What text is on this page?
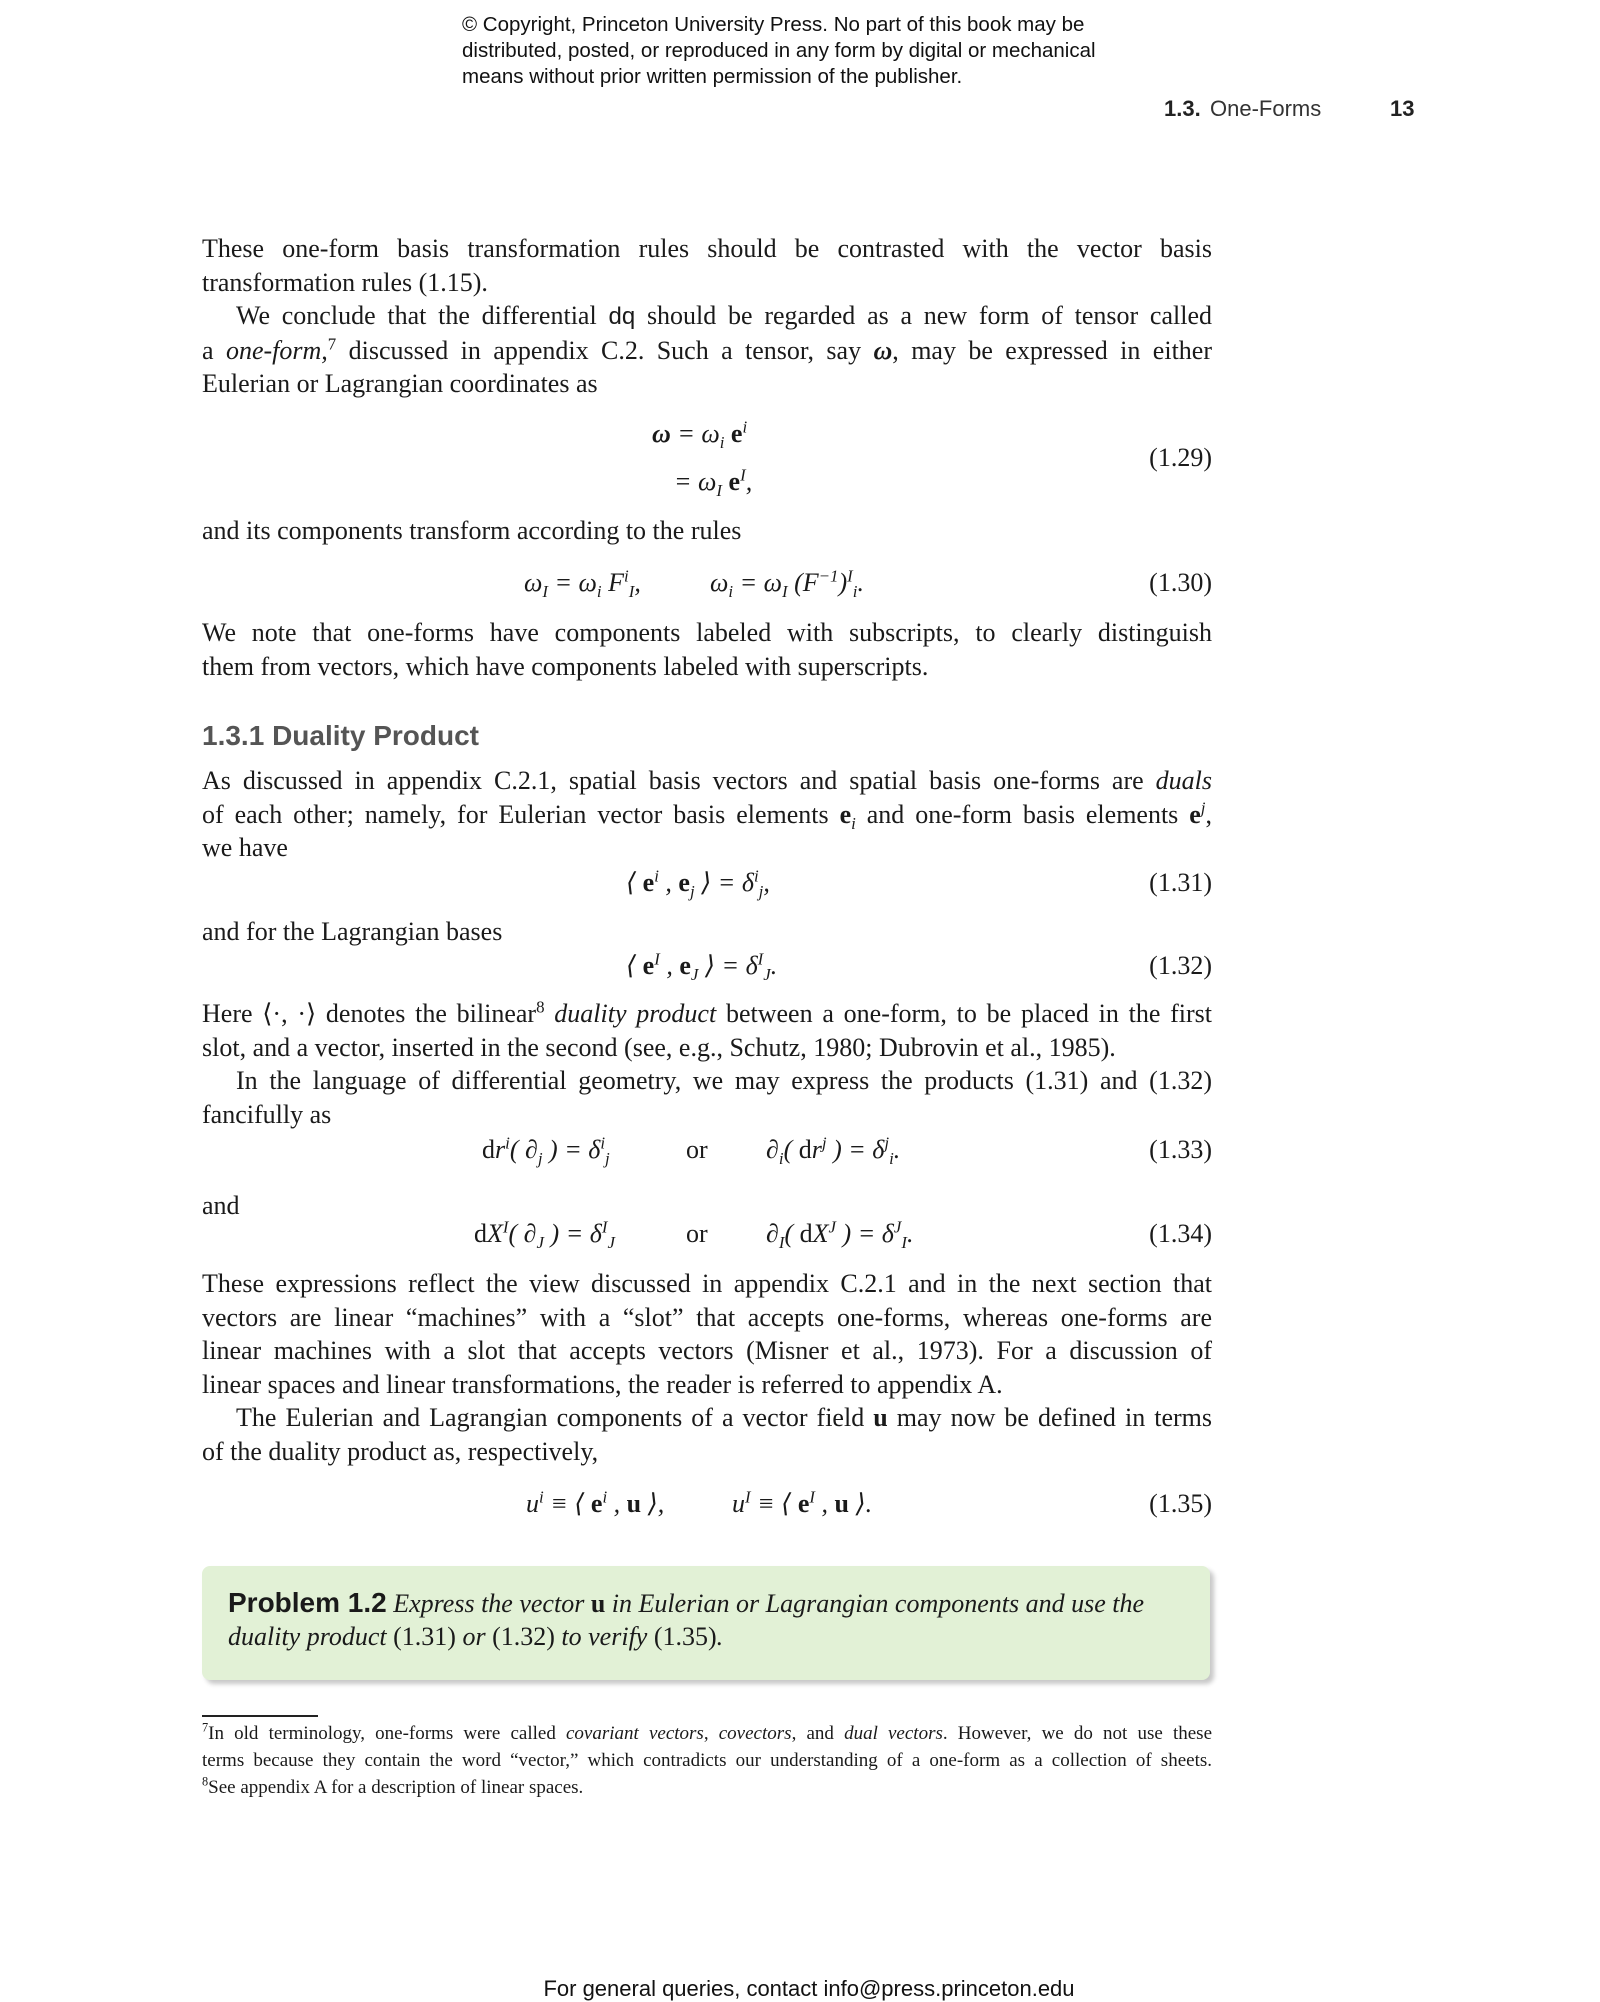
© Copyright, Princeton University Press. No part of this book may be
distributed, posted, or reproduced in any form by digital or mechanical
means without prior written permission of the publisher.
1.3. One-Forms	13

These one-form basis transformation rules should be contrasted with the vector basis
transformation rules (1.15).

We conclude that the differential dq should be regarded as a new form of tensor called
a one-form,$^7$ discussed in appendix C.2. Such a tensor, say ω, may be expressed in either
Eulerian or Lagrangian coordinates as

$\omega = \omega_i$ $e^i$
(1.29)
= $\omega_I$ $e^I$,

and its components transform according to the rules

$\omega_I = \omega_i$ $F^i_I$,	$\omega_i = \omega_I$ $(F^{-1})^I_i$.	(1.30)

We note that one-forms have components labeled with subscripts, to clearly distinguish
them from vectors, which have components labeled with superscripts.

1.3.1 Duality Product

As discussed in appendix C.2.1, spatial basis vectors and spatial basis one-forms are duals
of each other; namely, for Eulerian vector basis elements $e_i$ and one-form basis elements $e^j$,
we have

⟨ $e^i$ , $e_j$ ⟩ = $\delta^i_j$,	(1.31)

and for the Lagrangian bases

⟨ $e^I$ , $e_J$ ⟩ = $\delta^I_J$.	(1.32)

Here ⟨·, ·⟩ denotes the bilinear$^8$ duality product between a one-form, to be placed in the first
slot, and a vector, inserted in the second (see, e.g., Schutz, 1980; Dubrovin et al., 1985).

In the language of differential geometry, we may express the products (1.31) and (1.32)
fancifully as

$dr^i$( $\partial_j$ ) = $\delta^i_j$	or $\partial_i$( $dr^j$ ) = $\delta^j_i$.	(1.33)

and

$dX^I$( $\partial_J$ ) = $\delta^I_J$	or $\partial_I$( $dX^J$ ) = $\delta^J_I$.	(1.34)

These expressions reflect the view discussed in appendix C.2.1 and in the next section that
vectors are linear “machines” with a “slot” that accepts one-forms, whereas one-forms are
linear machines with a slot that accepts vectors (Misner et al., 1973). For a discussion of
linear spaces and linear transformations, the reader is referred to appendix A.

The Eulerian and Lagrangian components of a vector field u may now be defined in terms
of the duality product as, respectively,

$u^i$ ≡ ⟨ $e^i$ , u ⟩,	$u^I$ ≡ ⟨ $e^I$ , u ⟩.	(1.35)
Problem 1.2 Express the vector u in Eulerian or Lagrangian components and use the
duality product (1.31) or (1.32) to verify (1.35).
$^7$In old terminology, one-forms were called covariant vectors, covectors, and dual vectors. However, we do not use these
terms because they contain the word “vector,” which contradicts our understanding of a one-form as a collection of sheets.
$^8$See appendix A for a description of linear spaces.
For general queries, contact info@press.princeton.edu
